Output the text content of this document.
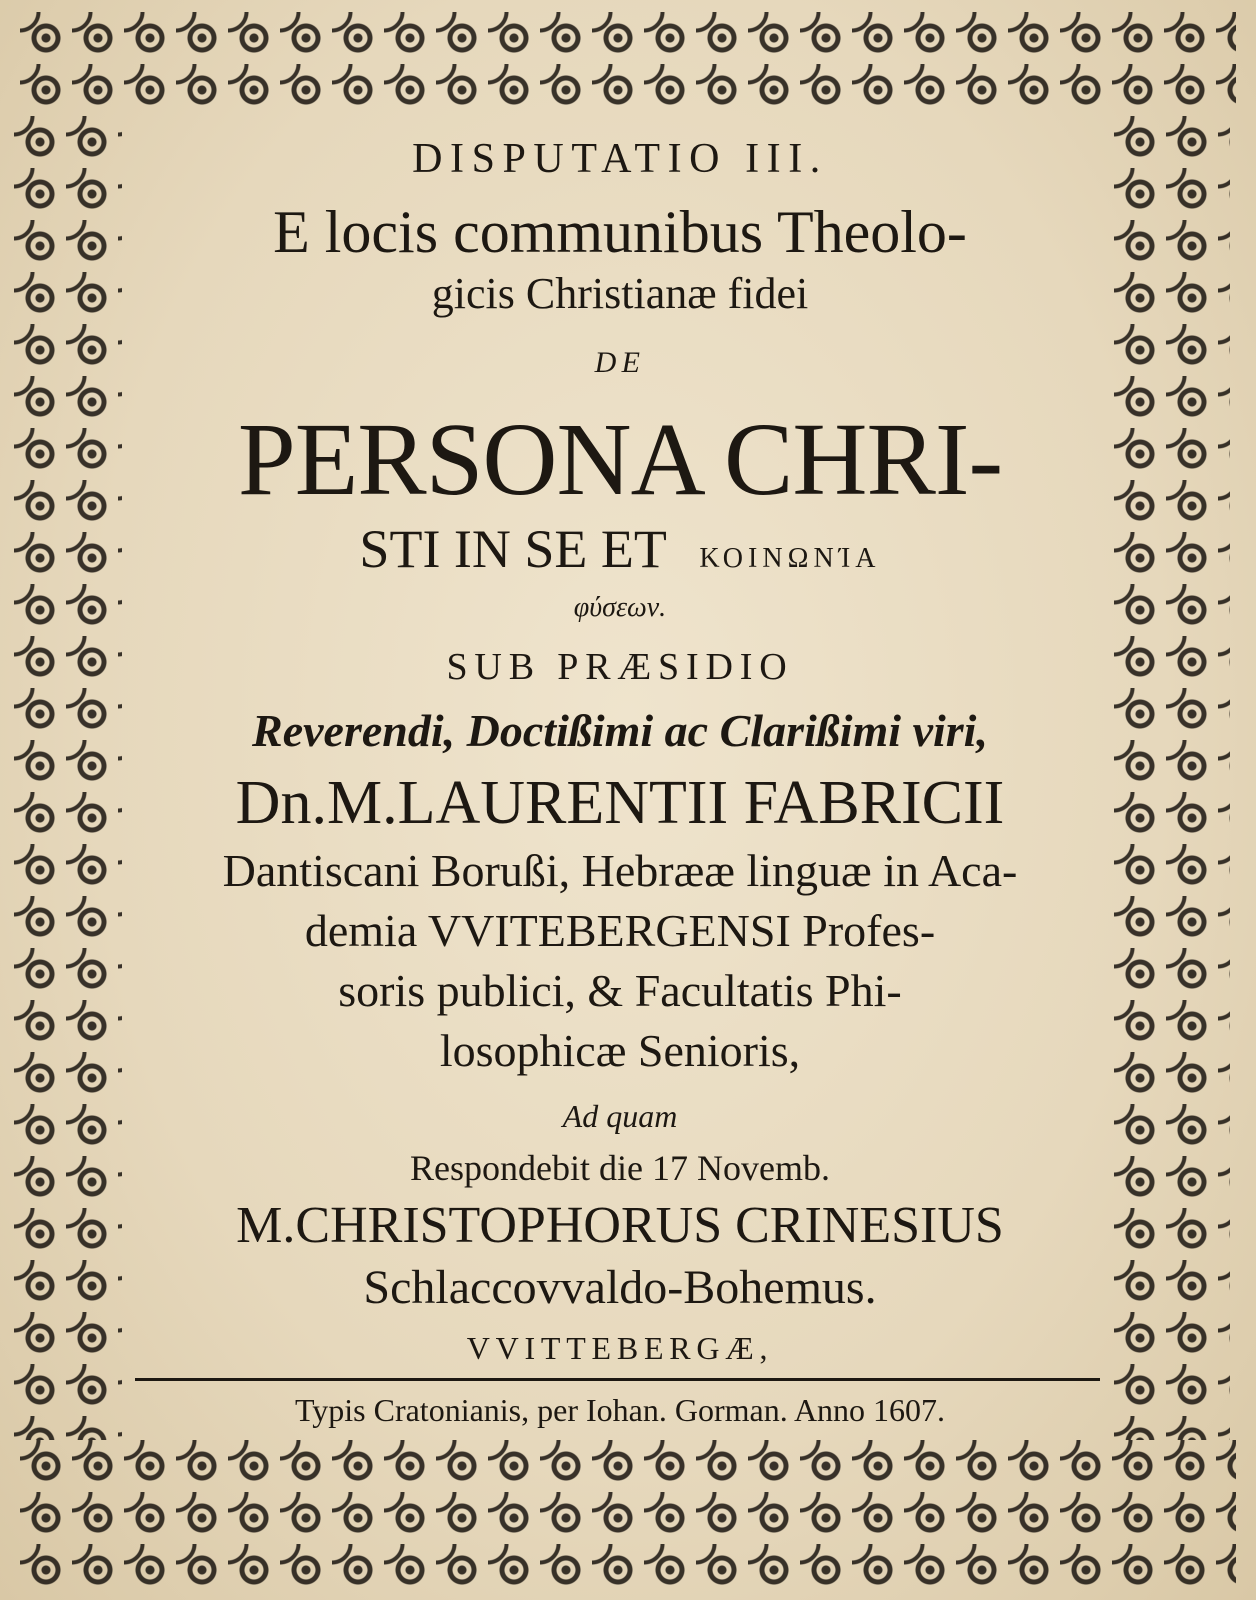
DISPUTATIO III.
E locis communibus Theolo-
gicis Christianæ fidei
DE
PERSONA CHRI-
STI IN SE ET ΚΟΙΝΩΝΊΑ
φύσεων.
SUB PRÆSIDIO
Reverendi, Doctißimi ac Clarißimi viri,
Dn.M.LAURENTII FABRICII
Dantiscani Borußi, Hebrææ linguæ in Aca-
demia VVITEBERGENSI Profes-
soris publici, & Facultatis Phi-
losophicæ Senioris,
Ad quam
Respondebit die 17 Novemb.
M.CHRISTOPHORUS CRINESIUS
Schlaccovvaldo-Bohemus.
VVITTEBERGÆ,
Typis Cratonianis, per Iohan. Gorman. Anno 1607.
